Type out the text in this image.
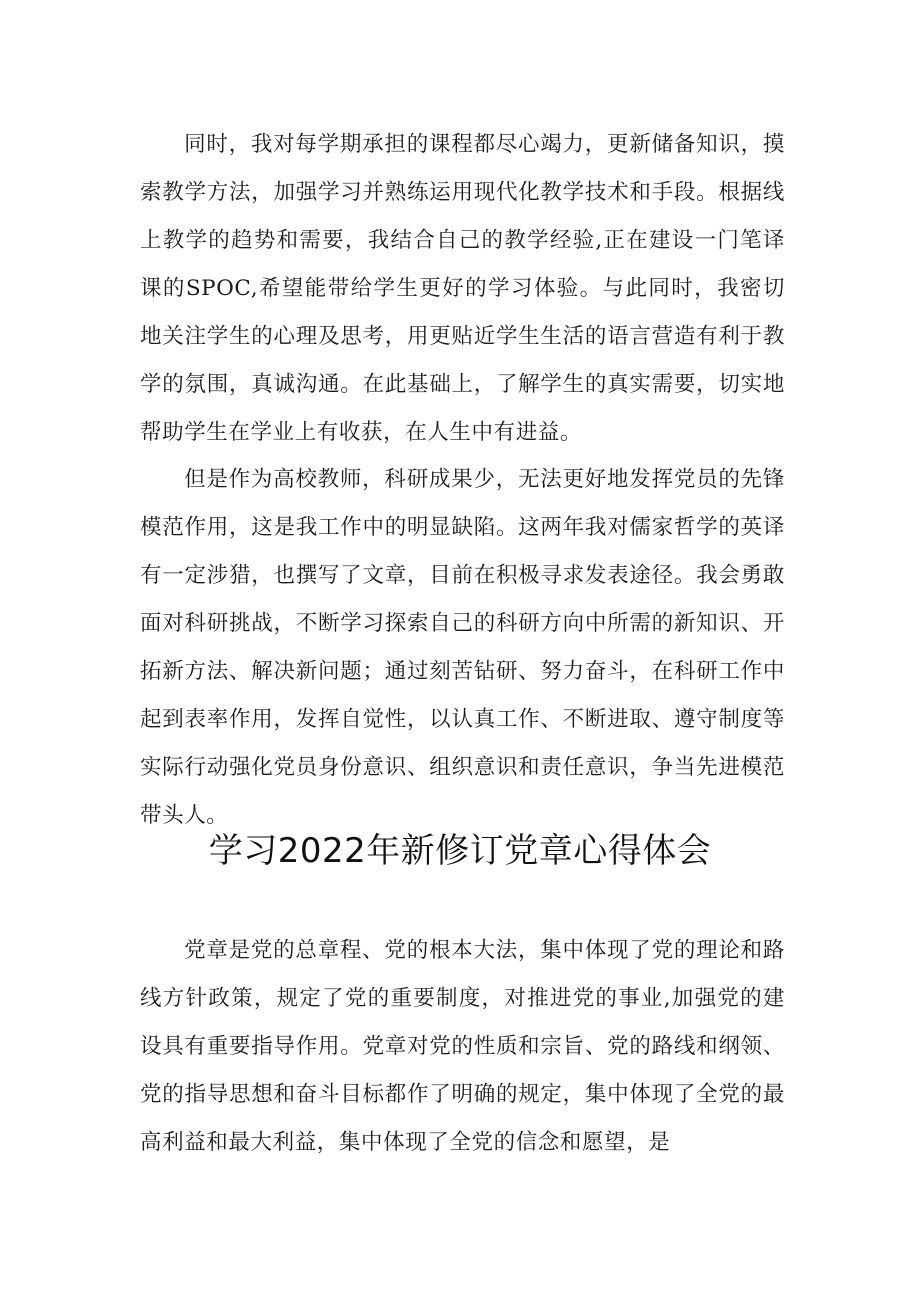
同时，我对每学期承担的课程都尽心竭力，更新储备知识，摸索教学方法，加强学习并熟练运用现代化教学技术和手段。根据线上教学的趋势和需要，我结合自己的教学经验,正在建设一门笔译课的SPOC,希望能带给学生更好的学习体验。与此同时，我密切地关注学生的心理及思考，用更贴近学生生活的语言营造有利于教学的氛围，真诚沟通。在此基础上，了解学生的真实需要，切实地帮助学生在学业上有收获，在人生中有进益。

但是作为高校教师，科研成果少，无法更好地发挥党员的先锋模范作用，这是我工作中的明显缺陷。这两年我对儒家哲学的英译有一定涉猎，也撰写了文章，目前在积极寻求发表途径。我会勇敢面对科研挑战，不断学习探索自己的科研方向中所需的新知识、开拓新方法、解决新问题；通过刻苦钻研、努力奋斗，在科研工作中起到表率作用，发挥自觉性，以认真工作、不断进取、遵守制度等实际行动强化党员身份意识、组织意识和责任意识，争当先进模范带头人。

学习2022年新修订党章心得体会

党章是党的总章程、党的根本大法，集中体现了党的理论和路线方针政策，规定了党的重要制度，对推进党的事业,加强党的建设具有重要指导作用。党章对党的性质和宗旨、党的路线和纲领、党的指导思想和奋斗目标都作了明确的规定，集中体现了全党的最高利益和最大利益，集中体现了全党的信念和愿望，是
